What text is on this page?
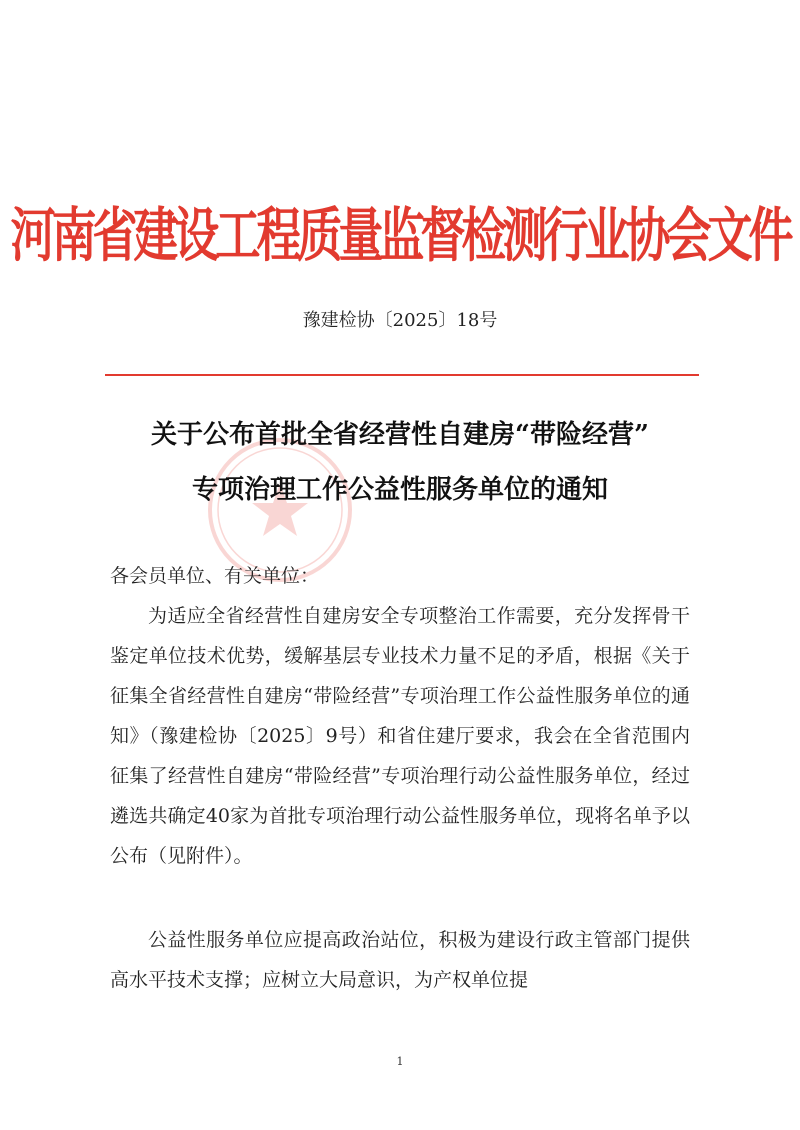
河南省建设工程质量监督检测行业协会文件
豫建检协〔2025〕18号
关于公布首批全省经营性自建房“带险经营”
专项治理工作公益性服务单位的通知
各会员单位、有关单位：
为适应全省经营性自建房安全专项整治工作需要，充分发挥骨干鉴定单位技术优势，缓解基层专业技术力量不足的矛盾，根据《关于征集全省经营性自建房“带险经营”专项治理工作公益性服务单位的通知》（豫建检协〔2025〕9号）和省住建厅要求，我会在全省范围内征集了经营性自建房“带险经营”专项治理行动公益性服务单位，经过遴选共确定40家为首批专项治理行动公益性服务单位，现将名单予以公布（见附件）。
公益性服务单位应提高政治站位，积极为建设行政主管部门提供高水平技术支撑；应树立大局意识，为产权单位提
1
